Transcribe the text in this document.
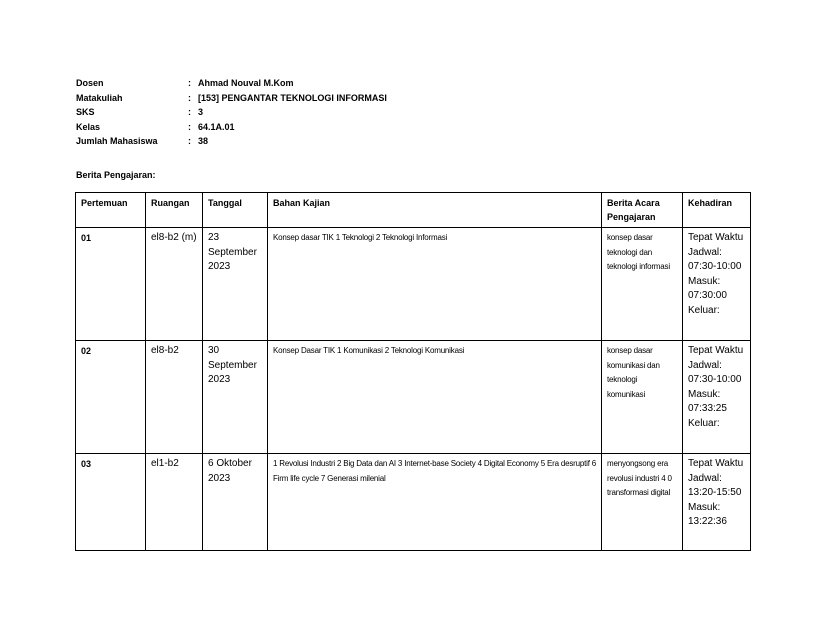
Dosen	: Ahmad Nouval M.Kom
Matakuliah	: [153] PENGANTAR TEKNOLOGI INFORMASI
SKS	: 3
Kelas	: 64.1A.01
Jumlah Mahasiswa	: 38
Berita Pengajaran:
Pertemuan	Ruangan	Tanggal	Bahan Kajian	Berita Acara Pengajaran	Kehadiran
01	el8-b2 (m)	23 September 2023	Konsep dasar TIK 1 Teknologi 2 Teknologi Informasi	konsep dasar teknologi dan teknologi informasi	Tepat Waktu Jadwal: 07:30-10:00 Masuk: 07:30:00 Keluar:

02	el8-b2	30 September 2023	Konsep Dasar TIK 1 Komunikasi 2 Teknologi Komunikasi	konsep dasar komunikasi dan teknologi komunikasi	Tepat Waktu Jadwal: 07:30-10:00 Masuk: 07:33:25 Keluar:

03	el1-b2	6 Oktober 2023	1 Revolusi Industri 2 Big Data dan AI 3 Internet-base Society 4 Digital Economy 5 Era desruptif 6 Firm life cycle 7 Generasi milenial	menyongsong era revolusi industri 4 0 transformasi digital	Tepat Waktu Jadwal: 13:20-15:50 Masuk: 13:22:36
